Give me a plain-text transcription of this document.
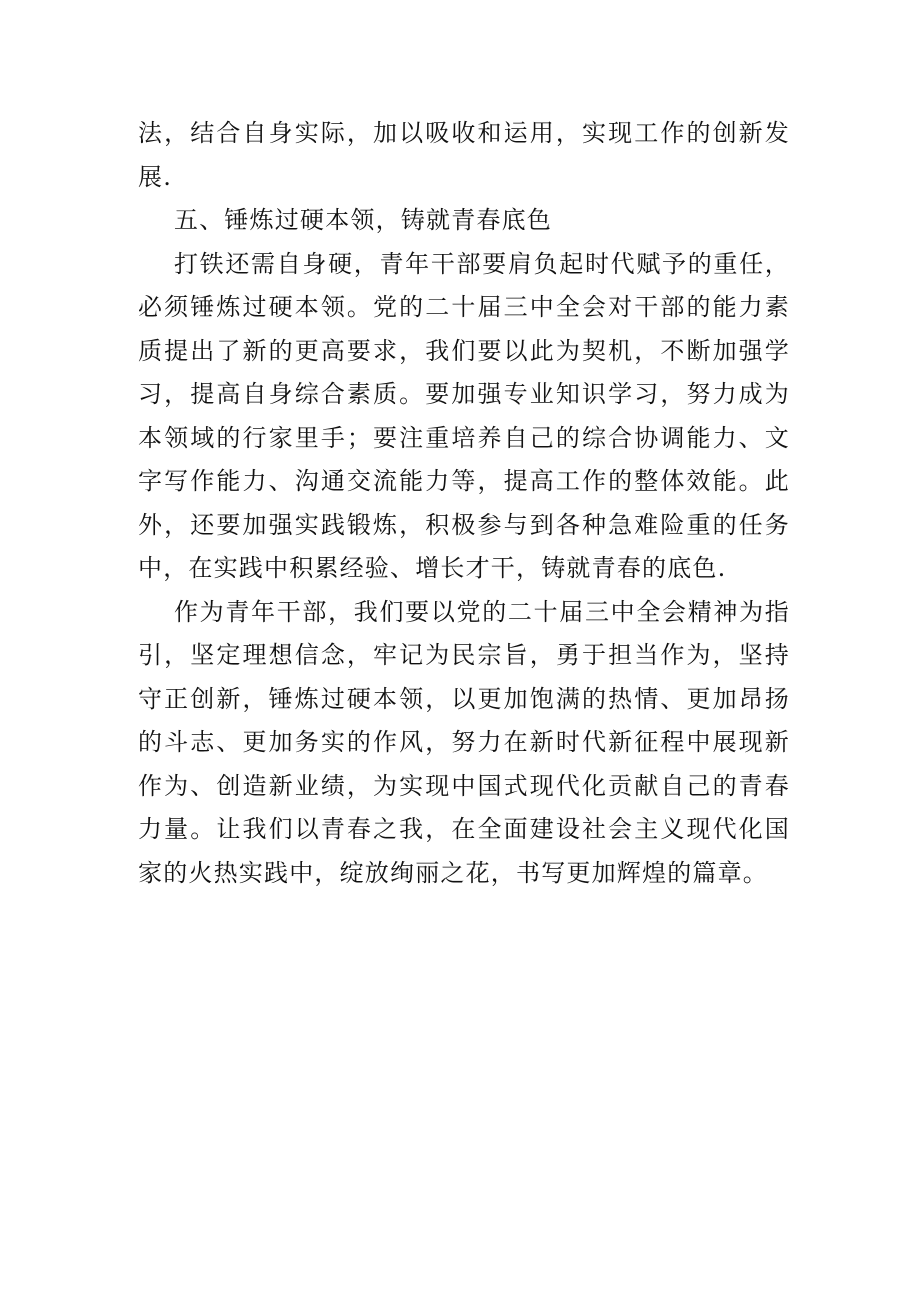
法，结合自身实际，加以吸收和运用，实现工作的创新发展.

五、锤炼过硬本领，铸就青春底色

打铁还需自身硬，青年干部要肩负起时代赋予的重任，必须锤炼过硬本领。党的二十届三中全会对干部的能力素质提出了新的更高要求，我们要以此为契机，不断加强学习，提高自身综合素质。要加强专业知识学习，努力成为本领域的行家里手；要注重培养自己的综合协调能力、文字写作能力、沟通交流能力等，提高工作的整体效能。此外，还要加强实践锻炼，积极参与到各种急难险重的任务中，在实践中积累经验、增长才干，铸就青春的底色.

作为青年干部，我们要以党的二十届三中全会精神为指引，坚定理想信念，牢记为民宗旨，勇于担当作为，坚持守正创新，锤炼过硬本领，以更加饱满的热情、更加昂扬的斗志、更加务实的作风，努力在新时代新征程中展现新作为、创造新业绩，为实现中国式现代化贡献自己的青春力量。让我们以青春之我，在全面建设社会主义现代化国家的火热实践中，绽放绚丽之花，书写更加辉煌的篇章。
